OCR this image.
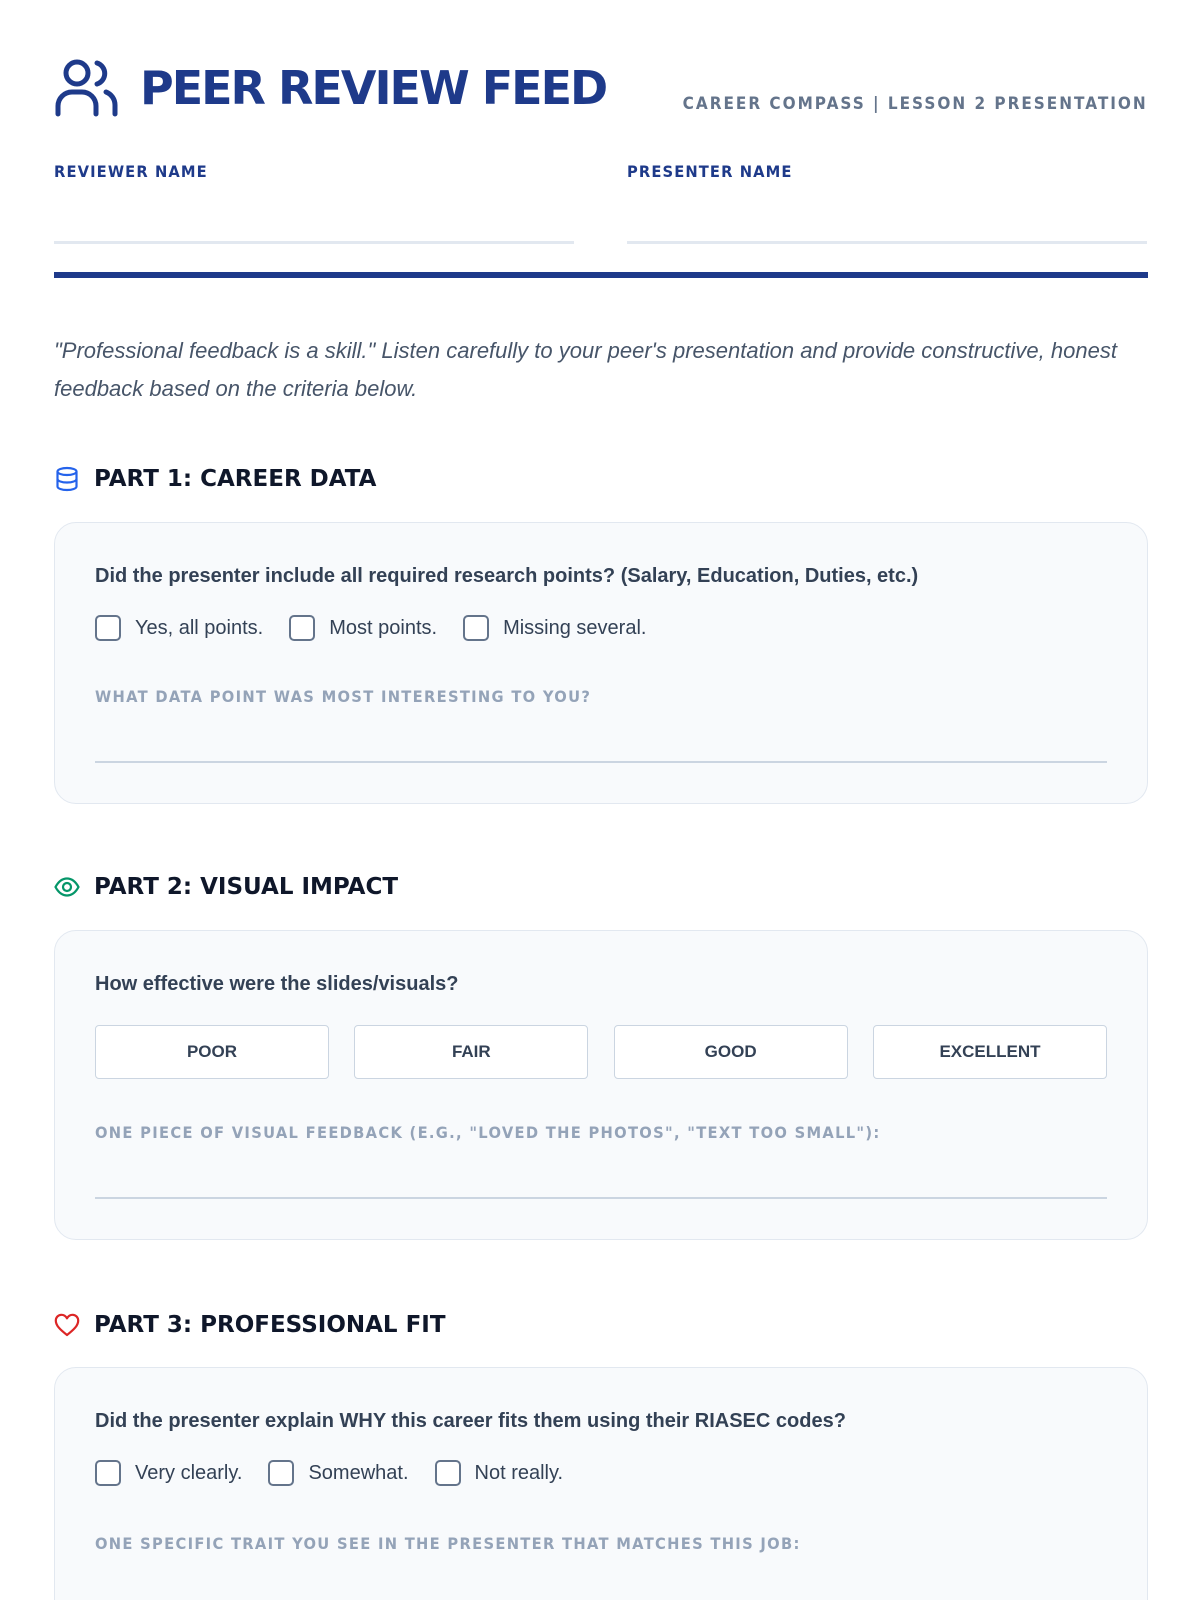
PEER REVIEW FEED	CAREER COMPASS | LESSON 2 PRESENTATION
REVIEWER NAME	PRESENTER NAME

"Professional feedback is a skill." Listen carefully to your peer's presentation and provide constructive, honest feedback based on the criteria below.

PART 1: CAREER DATA
Did the presenter include all required research points? (Salary, Education, Duties, etc.)
Yes, all points.	Most points.	Missing several.
WHAT DATA POINT WAS MOST INTERESTING TO YOU?
PART 2: VISUAL IMPACT
How effective were the slides/visuals?
POOR	FAIR	GOOD	EXCELLENT
ONE PIECE OF VISUAL FEEDBACK (E.G., "LOVED THE PHOTOS", "TEXT TOO SMALL"):
PART 3: PROFESSIONAL FIT
Did the presenter explain WHY this career fits them using their RIASEC codes?
Very clearly.	Somewhat.	Not really.
ONE SPECIFIC TRAIT YOU SEE IN THE PRESENTER THAT MATCHES THIS JOB:
